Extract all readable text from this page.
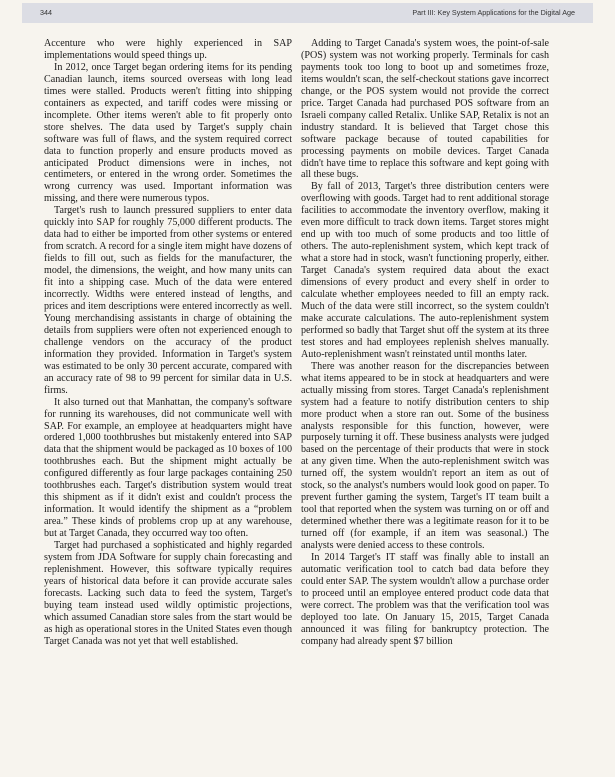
344	Part III: Key System Applications for the Digital Age

Accenture who were highly experienced in SAP implementations would speed things up.

In 2012, once Target began ordering items for its pending Canadian launch, items sourced overseas with long lead times were stalled. Products weren't fitting into shipping containers as expected, and tariff codes were missing or incomplete. Other items weren't able to fit properly onto store shelves. The data used by Target's supply chain software was full of flaws, and the system required correct data to function properly and ensure products moved as anticipated Product dimensions were in inches, not centimeters, or entered in the wrong order. Sometimes the wrong currency was used. Important information was missing, and there were numerous typos.

Target's rush to launch pressured suppliers to enter data quickly into SAP for roughly 75,000 different products. The data had to either be imported from other systems or entered from scratch. A record for a single item might have dozens of fields to fill out, such as fields for the manufacturer, the model, the dimensions, the weight, and how many units can fit into a shipping case. Much of the data were entered incorrectly. Widths were entered instead of lengths, and prices and item descriptions were entered incorrectly as well. Young merchandising assistants in charge of obtaining the details from suppliers were often not experienced enough to challenge vendors on the accuracy of the product information they provided. Information in Target's system was estimated to be only 30 percent accurate, compared with an accuracy rate of 98 to 99 percent for similar data in U.S. firms.

It also turned out that Manhattan, the company's software for running its warehouses, did not communicate well with SAP. For example, an employee at headquarters might have ordered 1,000 toothbrushes but mistakenly entered into SAP data that the shipment would be packaged as 10 boxes of 100 toothbrushes each. But the shipment might actually be configured differently as four large packages containing 250 toothbrushes each. Target's distribution system would treat this shipment as if it didn't exist and couldn't process the information. It would identify the shipment as a “problem area.” These kinds of problems crop up at any warehouse, but at Target Canada, they occurred way too often.

Target had purchased a sophisticated and highly regarded system from JDA Software for supply chain forecasting and replenishment. However, this software typically requires years of historical data before it can provide accurate sales forecasts. Lacking such data to feed the system, Target's buying team instead used wildly optimistic projections, which assumed Canadian store sales from the start would be as high as operational stores in the United States even though Target Canada was not yet that well established.

Adding to Target Canada's system woes, the point-of-sale (POS) system was not working properly. Terminals for cash payments took too long to boot up and sometimes froze, items wouldn't scan, the self-checkout stations gave incorrect change, or the POS system would not provide the correct price. Target Canada had purchased POS software from an Israeli company called Retalix. Unlike SAP, Retalix is not an industry standard. It is believed that Target chose this software package because of touted capabilities for processing payments on mobile devices. Target Canada didn't have time to replace this software and kept going with all these bugs.

By fall of 2013, Target's three distribution centers were overflowing with goods. Target had to rent additional storage facilities to accommodate the inventory overflow, making it even more difficult to track down items. Target stores might end up with too much of some products and too little of others. The auto-replenishment system, which kept track of what a store had in stock, wasn't functioning properly, either. Target Canada's system required data about the exact dimensions of every product and every shelf in order to calculate whether employees needed to fill an empty rack. Much of the data were still incorrect, so the system couldn't make accurate calculations. The auto-replenishment system performed so badly that Target shut off the system at its three test stores and had employees replenish shelves manually. Auto-replenishment wasn't reinstated until months later.

There was another reason for the discrepancies between what items appeared to be in stock at headquarters and were actually missing from stores. Target Canada's replenishment system had a feature to notify distribution centers to ship more product when a store ran out. Some of the business analysts responsible for this function, however, were purposely turning it off. These business analysts were judged based on the percentage of their products that were in stock at any given time. When the auto-replenishment switch was turned off, the system wouldn't report an item as out of stock, so the analyst's numbers would look good on paper. To prevent further gaming the system, Target's IT team built a tool that reported when the system was turning on or off and determined whether there was a legitimate reason for it to be turned off (for example, if an item was seasonal.) The analysts were denied access to these controls.

In 2014 Target's IT staff was finally able to install an automatic verification tool to catch bad data before they could enter SAP. The system wouldn't allow a purchase order to proceed until an employee entered product code data that were correct. The problem was that the verification tool was deployed too late. On January 15, 2015, Target Canada announced it was filing for bankruptcy protection. The company had already spent $7 billion
